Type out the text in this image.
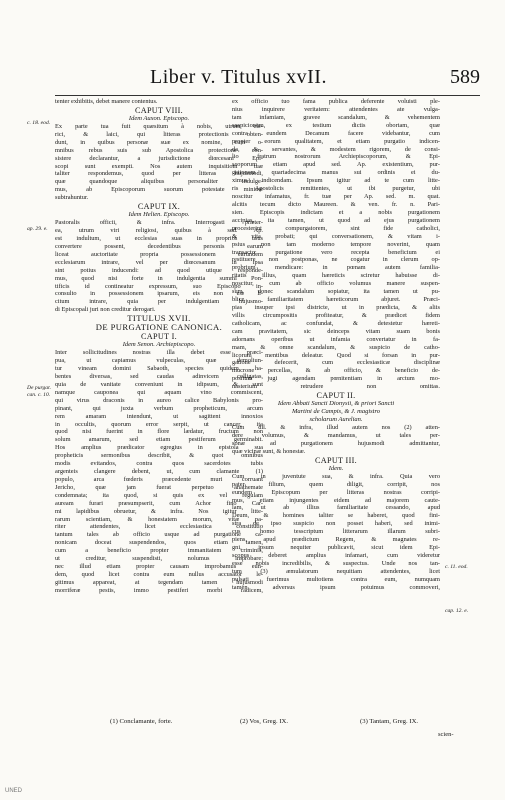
Liber v. Titulus xvII.	589
tenter exhibitis, debet manere contentus.
CAPUT VIII.
Idem Auxon. Episcopo.
Ex parte tua fuit quæsitum à nobis, utrum cle-
rici, & laici, qui litteras protectionis obten-
dunt, in quibus personæ suæ ex nomine, cum o-
mnibus rebus suis sub Apostolica protectione con-
sistere declarantur, a jurisdictione diœcesani Epi-
scopi sunt exempti. Nos autem inquisitioni tuæ
taliter respondemus, quod per litteras hujusmodi,
quæ quandoque aliquibus personaliter indulge-
mus, ab Episcoporum suorum potestate minime
subtrahuntur.
CAPUT IX.
Idem Helien. Episcopo.
Pastoralis officii, & infra. Interrogasti præter-
ea, utrum viri religiosi, quibus à sed. Ap.
est indultum, ut ecclesias suas in proprios usus
convertere possent, decedentibus personis earum
liceat auctoritate propria possessionem earundem
ecclesiarum intrare, vel per diœcesanum in ipsa
sint potius inducendi: ad quod utique responde-
mus, quod nisi forte in indulgentia summi Pon-
tificis id contineatur expressum, suo Episcopo in-
consulto in possessionem ipsarum, eis non est li-
citum intrare, quia per indulgentiam hujusmo-
di Episcopali juri non creditur derogari.
TITULUS XVII.
DE PURGATIONE CANONICA.
CAPUT I.
Idem Senon. Archiepiscopo.
Inter sollicitudines nostras illa debet esse præci-
pua, ut capiamus vulpeculas, quæ demoliun-
tur vineam domini Sabaoth, species quidem ha-
bentes diversas, sed caudas adinvicem colligatas,
quia de vanitate conveniunt in idipsum, & sunt
namque cauponea qui aquam vino commiscent,
qui virus draconis in aureo calice Babylonis pro-
pinant, qui juxta verbum propheticum, arcum
rem amaram intendunt, ut sagittent innoxios
in occultis, quorum error serpit, ut cancer, ita
quod nisi fuerint in flore lædatur, fructum non
solum amarum, sed etiam pestiferum germinabit.
Hos amplius prædicator egregius in epistola sua
propheticis sermonibus describit, & quot omnibus
modis evitandos, contra quos sacerdotes tubis
argenteis clangere debent, ut, cum clamante (1)
populo, arca fœderis præcedente muri corruant
Jericho, quæ jam fuerat perpetuo anathemate
condemnata; ita quod, si quis ex vel regulam
auream furari præsumpserit, cum Achor fino Car-
mi lapidibus obruetur, & infra. Nos igitur litte-
rarum scientiam, & honestatem morum, vitæ pa-
riter attendentes, licet ecclesiastica constitutio
tantum tales ab officio usque ad purgatione ca-
nonicam doceat suspendendos, quos etiam tamen,
cum a beneficio propter immanitatem criminis,
ut creditur, suspendisti, nolumus improbare:
nec illud etiam propter causam improbamus eun-
dem, quod licet contra eum nullus accusator le-
gitimus appareat, at tegendam tamen hujusmodi
morriferæ pestis, immo pestiferi morbi radicem,
ex officio tuo fama publica deferente voluisti ple-
nius inquirere veritatem: attendentes ate vulga-
tam infamiam, gravee scandalum, & vehementem
suspicionem, ex testium dictis obortam, quæ
contra eundem Decanum facere videbantur, cum
propter eorum qualitatem, et etiam purgatio indicen-
da, & servantes, & modestem rigorem, de consi-
lio fratrum nostrorum Archiepiscoporum, & Epi-
scoporum etiam apud sed. Ap. existentium, pur-
gationem quartadecima manus sui ordinis ei du-
ximus indicendam. Ipsum igitur ad te cum litte-
ris Apostolicis remittentes, ut ibi purgetur, ubi
noscitur infamatus, fr. tuæ per Ap. sed. m. quat.
alcitis tecum dicto Maureen. & ven. fr. n. Pari-
sien. Episcopis indictam et a nobis purgationem
accipias, ita tamen, ut quod ad ejus purgationem
procesterint compurgatorem, sint fide catholici,
& vita probati; qui conversationem, & vitam i-
psius non tam moderno tempore noverint, quam
transacto: purgatione vero recepta beneficium ei
restituere non postponas, ne cogatur in clerum op-
probrium mendicare: in pœnam autem familia-
ritatis illius, quam hæreticis sciretur habuisse di-
noscitur, cum ab officio volumus manere suspen-
sum, donec scandalum sopiatur, ita tamen ut pu-
blice familiaritatem hæreticorum abjuret. Præci-
pias insuper ipsi districte, ut in prædicta, & aliis
villis circumpositis profiteatur, & prædicet fidem
catholicam, ac confundat, & detestetur hæreti-
cam pravitatem, sic deinceps vitam suam bonis
adornans operibus ut infamia convertatur in fa-
mam, & omne scandalum, & suspicio de catho-
licorum mentibus deleatur. Quod si forsan in pur-
gatione defecerit, cum ecclesiasticæ disciplinæ
mucrone percellas, & ab officio, & beneficio de-
positum jugi agendam pœnitentiam in arctum mo-
nasterium retrudere non omittas.
CAPUT II.
Idem Abbati Sancti Dionysii, & priori Sancti
Martini de Campis, & J. magistro
scholarum Aurelian.
Cum dil. & infra, illud autem nos (2) atten-
dere volumus, & mandamus, ut tales per-
sonæ ad purgationem hujusmodi admittantur,
quæ vicinæ sunt, & honestæ.
CAPUT III.
Idem.
Cum in juventute sua, & infra. Quia vero
pater filium, quem diligit, corripit, nos
eundem Episcopum per litteras nostras corripi-
mus, etiam injungentes eidem ad majorem caute-
lam, ut ab illius familiaritate cessando, apud
Deum, & homines taliter se haberet, quod fini-
stra de ipso suspicio non posset haberi, sed inimi-
cus homo tesscriptum litterarum illarum subri-
piens, apud prædictum Regem, & magnates re-
gni, ipsum nequiter publicavit, sicut idem Epi-
scopus deberet amplius infamari, cum videretur
esse nobis incredibilis, & suspectus. Unde nos tan-
tum (3) æmulatorum nequitiam attendentes, licet
pulsati fuerimus multotiens contra eum, numquam
tamen adversus ipsum potuimus commoveri,
c. 18. eod.
ap. 29. e.
De purgat.
can. c. 10.
c. 11. eod.
cap. 12. e.
(1) Conclamante, forte.	(2) Vos, Greg. IX.	(3) Tantam, Greg. IX.
scien-
UNED
